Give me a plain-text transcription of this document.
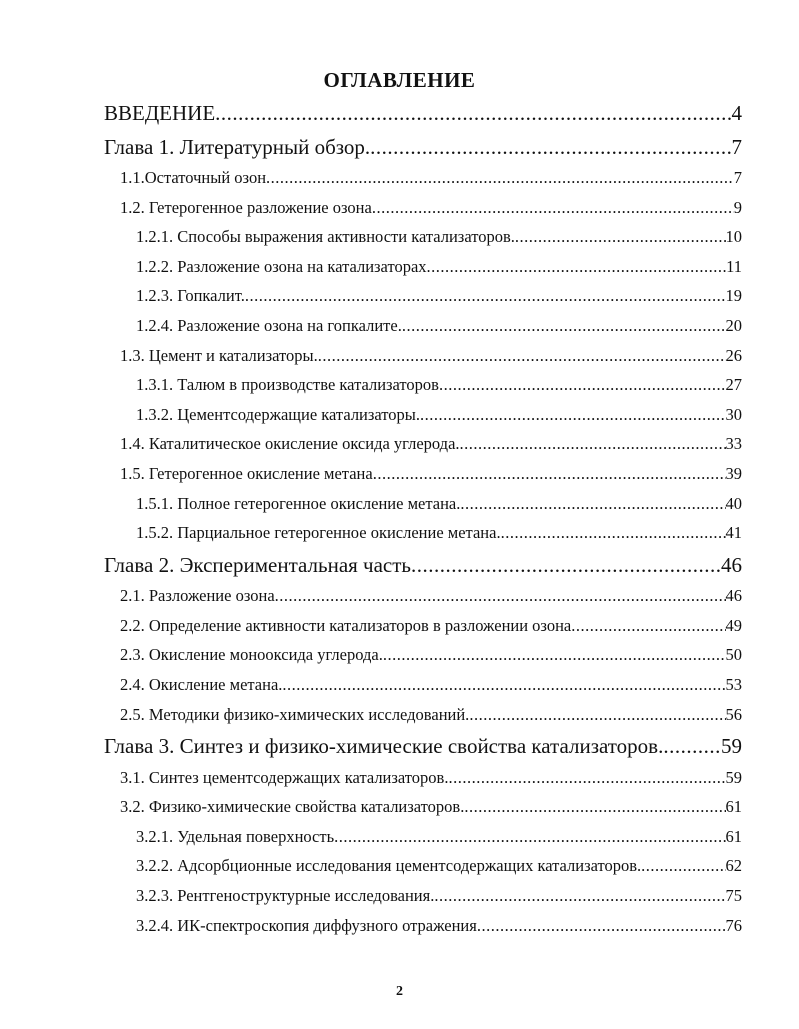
ОГЛАВЛЕНИЕ
ВВЕДЕНИЕ .....	4
Глава 1. Литературный обзор. .....	7
1.1.Остаточный озон .....	7
1.2. Гетерогенное разложение озона .....	9
1.2.1. Способы выражения активности катализаторов. .....	10
1.2.2. Разложение озона на катализаторах .....	11
1.2.3. Гопкалит. .....	19
1.2.4. Разложение озона на гопкалите. .....	20
1.3. Цемент и катализаторы. .....	26
1.3.1. Талюм в производстве катализаторов .....	27
1.3.2. Цементсодержащие катализаторы. .....	30
1.4. Каталитическое окисление оксида углерода. .....	33
1.5. Гетерогенное окисление метана .....	39
1.5.1. Полное гетерогенное окисление метана. .....	40
1.5.2. Парциальное гетерогенное окисление метана. .....	41
Глава 2. Экспериментальная часть .....	46
2.1. Разложение озона .....	46
2.2. Определение активности катализаторов в разложении озона .....	49
2.3. Окисление монооксида углерода. .....	50
2.4. Окисление метана. .....	53
2.5. Методики физико-химических исследований. .....	56
Глава 3. Синтез и физико-химические свойства катализаторов. .....	59
3.1. Синтез цементсодержащих катализаторов. .....	59
3.2. Физико-химические свойства катализаторов. .....	61
3.2.1. Удельная поверхность .....	61
3.2.2. Адсорбционные исследования цементсодержащих катализаторов. .....	62
3.2.3. Рентгеноструктурные исследования. .....	75
3.2.4. ИК-спектроскопия диффузного отражения .....	76
2
